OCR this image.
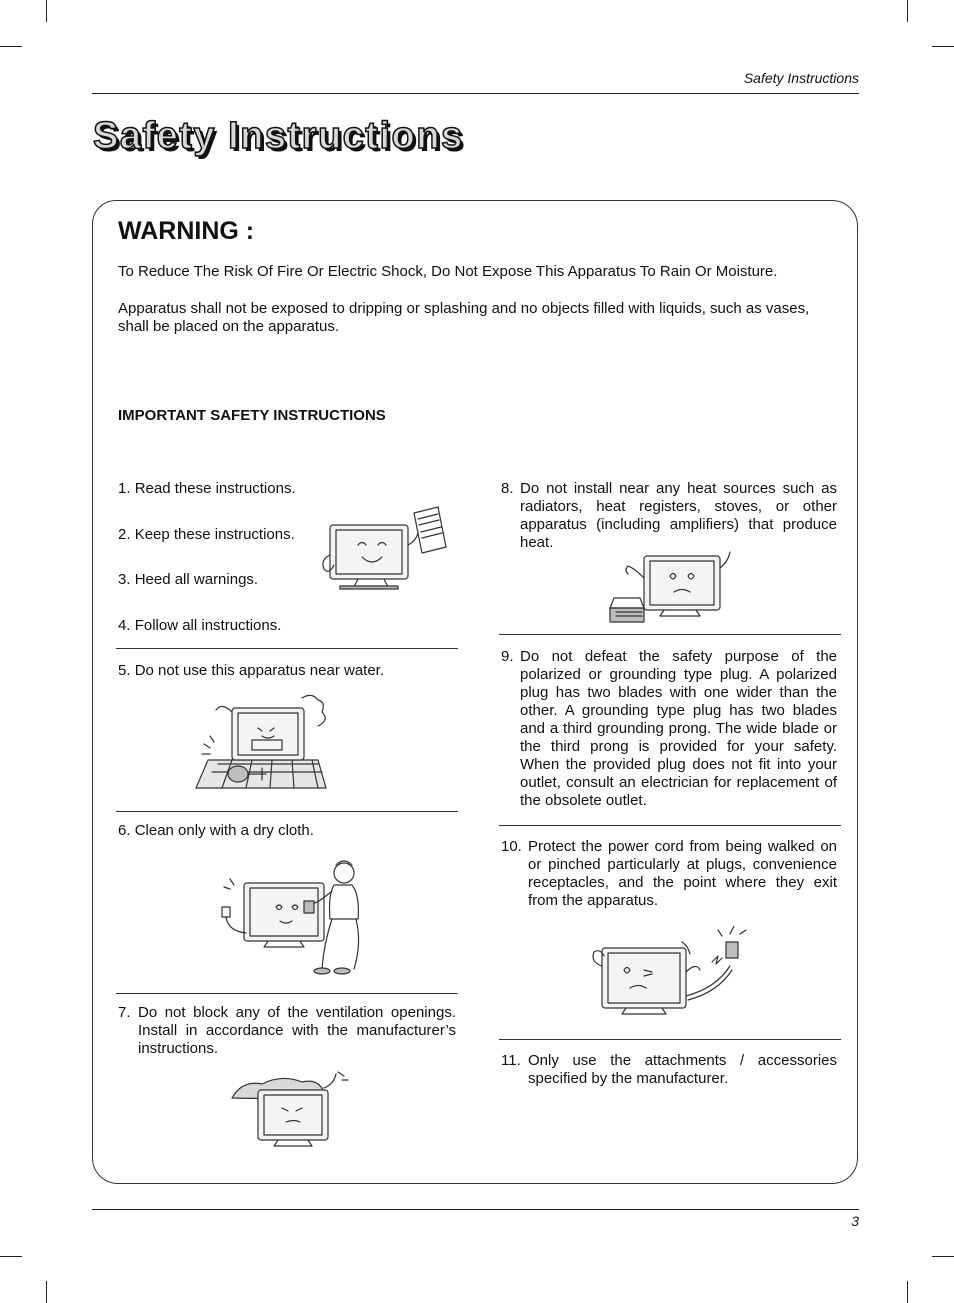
Safety Instructions
Safety Instructions
WARNING :
To Reduce The Risk Of Fire Or Electric Shock, Do Not Expose This Apparatus To Rain Or Moisture.
Apparatus shall not be exposed to dripping or splashing and no objects filled with liquids, such as vases, shall be placed on the apparatus.
IMPORTANT SAFETY INSTRUCTIONS
1. Read these instructions.
2. Keep these instructions.
3. Heed all warnings.
4. Follow all instructions.
5. Do not use this apparatus near water.
6. Clean only with a dry cloth.
7. Do not block any of the ventilation openings. Install in accordance with the manufacturer’s instructions.
8. Do not install near any heat sources such as radiators, heat registers, stoves, or other apparatus (including amplifiers) that produce heat.
9. Do not defeat the safety purpose of the polarized or grounding type plug. A polarized plug has two blades with one wider than the other. A grounding type plug has two blades and a third grounding prong. The wide blade or the third prong is provided for your safety. When the provided plug does not fit into your outlet, consult an electrician for replacement of the obsolete outlet.
10. Protect the power cord from being walked on or pinched particularly at plugs, convenience receptacles, and the point where they exit from the apparatus.
11. Only use the attachments / accessories specified by the manufacturer.
3
